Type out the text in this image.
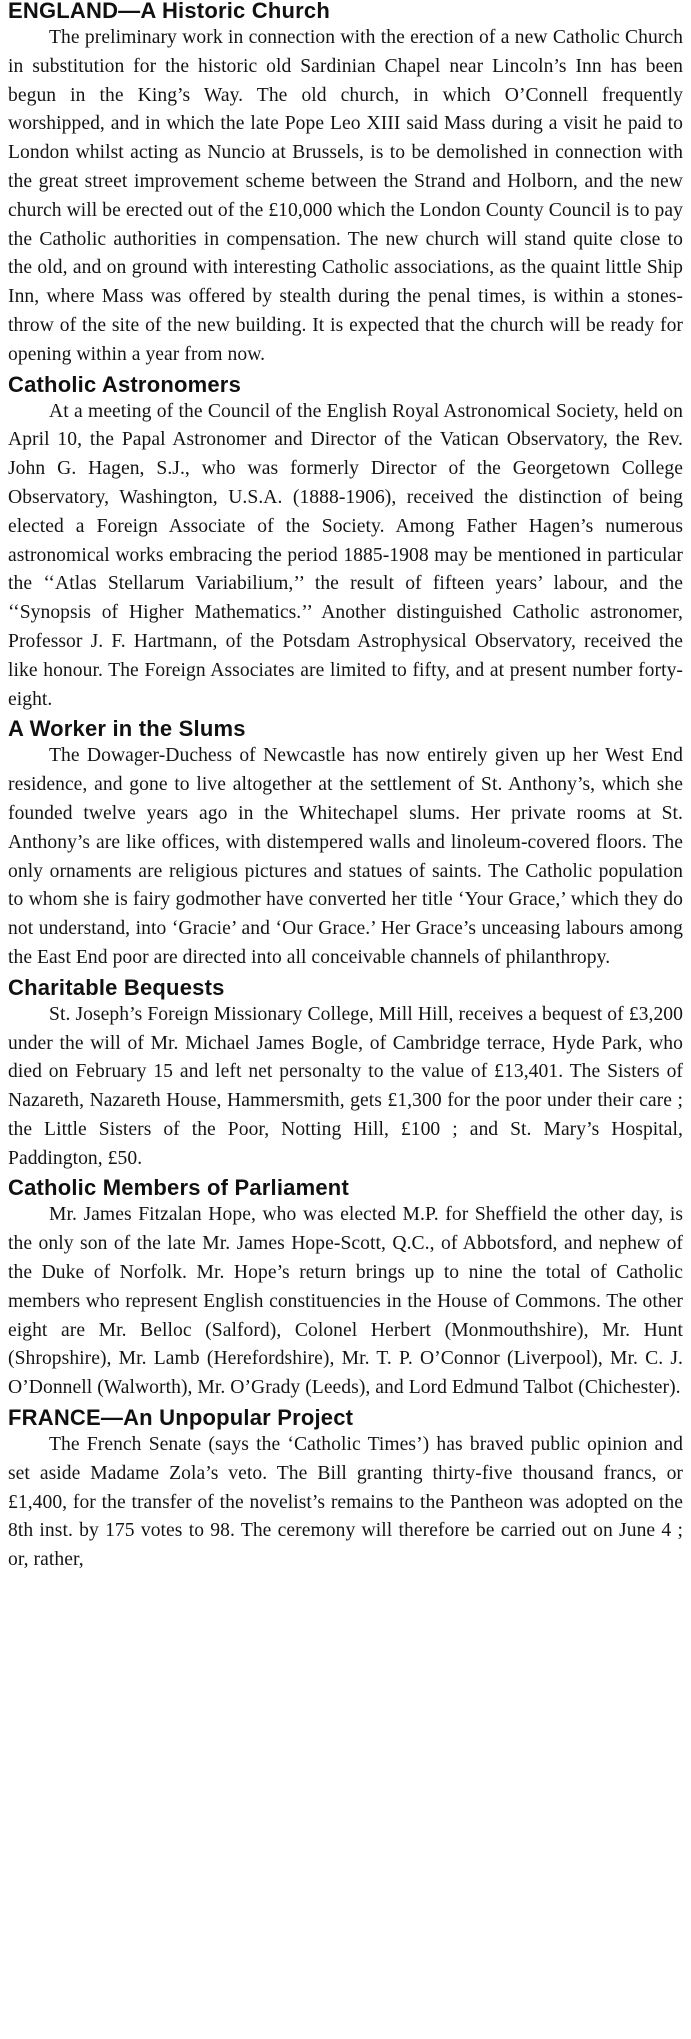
ENGLAND—A Historic Church

The preliminary work in connection with the erection of a new Catholic Church in substitution for the historic old Sardinian Chapel near Lincoln’s Inn has been begun in the King’s Way. The old church, in which O’Connell frequently worshipped, and in which the late Pope Leo XIII said Mass during a visit he paid to London whilst acting as Nuncio at Brussels, is to be demolished in connection with the great street improvement scheme between the Strand and Holborn, and the new church will be erected out of the £10,000 which the London County Council is to pay the Catholic authorities in compensation. The new church will stand quite close to the old, and on ground with interesting Catholic associations, as the quaint little Ship Inn, where Mass was offered by stealth during the penal times, is within a stones-throw of the site of the new building. It is expected that the church will be ready for opening within a year from now.

Catholic Astronomers

At a meeting of the Council of the English Royal Astronomical Society, held on April 10, the Papal Astronomer and Director of the Vatican Observatory, the Rev. John G. Hagen, S.J., who was formerly Director of the Georgetown College Observatory, Washington, U.S.A. (1888-1906), received the distinction of being elected a Foreign Associate of the Society. Among Father Hagen’s numerous astronomical works embracing the period 1885-1908 may be mentioned in particular the ‘‘Atlas Stellarum Variabilium,’’ the result of fifteen years’ labour, and the ‘‘Synopsis of Higher Mathematics.’’ Another distinguished Catholic astronomer, Professor J. F. Hartmann, of the Potsdam Astrophysical Observatory, received the like honour. The Foreign Associates are limited to fifty, and at present number forty-eight.

A Worker in the Slums

The Dowager-Duchess of Newcastle has now entirely given up her West End residence, and gone to live altogether at the settlement of St. Anthony’s, which she founded twelve years ago in the Whitechapel slums. Her private rooms at St. Anthony’s are like offices, with distempered walls and linoleum-covered floors. The only ornaments are religious pictures and statues of saints. The Catholic population to whom she is fairy godmother have converted her title ‘Your Grace,’ which they do not understand, into ‘Gracie’ and ‘Our Grace.’ Her Grace’s unceasing labours among the East End poor are directed into all conceivable channels of philanthropy.

Charitable Bequests

St. Joseph’s Foreign Missionary College, Mill Hill, receives a bequest of £3,200 under the will of Mr. Michael James Bogle, of Cambridge terrace, Hyde Park, who died on February 15 and left net personalty to the value of £13,401. The Sisters of Nazareth, Nazareth House, Hammersmith, gets £1,300 for the poor under their care ; the Little Sisters of the Poor, Notting Hill, £100 ; and St. Mary’s Hospital, Paddington, £50.

Catholic Members of Parliament

Mr. James Fitzalan Hope, who was elected M.P. for Sheffield the other day, is the only son of the late Mr. James Hope-Scott, Q.C., of Abbotsford, and nephew of the Duke of Norfolk. Mr. Hope’s return brings up to nine the total of Catholic members who represent English constituencies in the House of Commons. The other eight are Mr. Belloc (Salford), Colonel Herbert (Monmouthshire), Mr. Hunt (Shropshire), Mr. Lamb (Herefordshire), Mr. T. P. O’Connor (Liverpool), Mr. C. J. O’Donnell (Walworth), Mr. O’Grady (Leeds), and Lord Edmund Talbot (Chichester).

FRANCE—An Unpopular Project

The French Senate (says the ‘Catholic Times’) has braved public opinion and set aside Madame Zola’s veto. The Bill granting thirty-five thousand francs, or £1,400, for the transfer of the novelist’s remains to the Pantheon was adopted on the 8th inst. by 175 votes to 98. The ceremony will therefore be carried out on June 4 ; or, rather,
